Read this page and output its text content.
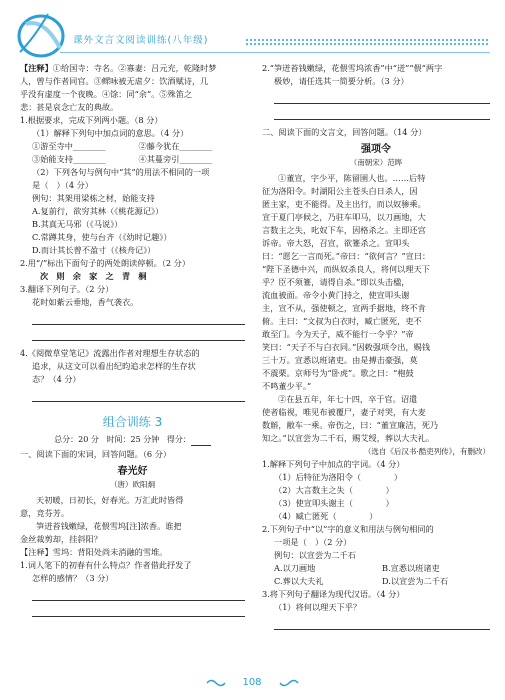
课外文言文阅读训练(八年级)
【注释】①给国寺：寺名。②寡妻：吕元充，乾隆时梦
人，曾与作者同官。③鳏咏被无虐夕：饮酒赋诗，几
乎没有虚度一个夜晚。④馀：同“余”。⑤殊笛之
悲：甚是哀念亡友的典故。
1.根据要求，完成下列两小题。（8 分）
（1）解释下列句中加点词的意思。（4 分）
①游至寺中________	②藤今犹在________
③始能支持________	④其蔓旁引________
（2）下列各句与例句中“其”的用法不相同的一项
是（　）（4 分）
例句：其架用梁栋之材，始能支持
A.复前行，欲穷其林（《桃花源记》）
B.其真无马邪（《马说》）
C.常蹲其身，使与台齐（《幼时记趣》）
D.而计其长曾不盈寸（《核舟记》）
2.用“/”标出下面句子的两处朗读停顿。（2 分）
次　则　余　家　之　青　桐
3.翻译下列句子。（2 分）
花时如紫云垂地，香气袭衣。
4.《阅微草堂笔记》流露出作者对理想生存状态的
追求，从这文可以看出纪昀追求怎样的生存状
态？（4 分）
组合训练 3
总分：20 分 时间：25 分钟 得分：
一、阅读下面的宋词，回答问题。（6 分）
春光好
（唐）欧阳炯
天初暖，日初长，好春光。万汇此时皆得
意，竞芬芳。
笋迸苔钱嫩绿，花偎雪坞[注]浓香。谁把
金丝裁剪却，挂斜阳？
【注释】雪坞：背阳处尚未消融的雪堆。
1.词人笔下的初春有什么特点？作者借此抒发了
怎样的感情？（3 分）
2.“笋迸苔钱嫩绿，花偎雪坞浓香”中“迸”“偎”两字
极妙，请任选其一简要分析。（3 分）
二、阅读下面的文言文，回答问题。（14 分）
强项令
（南朝宋）范晔
①董宣，字少平，陈留圉人也。……后特
征为洛阳令。时湖阳公主苍头白日杀人，因
匿主家，吏不能得。及主出行，而以奴骖乘。
宣于夏门亭候之，乃驻车叩马，以刀画地，大
言数主之失，叱奴下车，因格杀之。主即还宫
诉帝。帝大怒，召宣，欲箠杀之。宣叩头
曰：“愿乞一言而死。”帝曰：“欲何言？”宣曰：
“陛下圣德中兴，而纵奴杀良人，将何以理天下
乎？臣不须箠，请得自杀。”即以头击楹，
流血被面。帝令小黄门持之，使宣叩头谢
主，宣不从，强使顿之，宣两手据地，终不肯
俯。主曰：“文叔为白衣时，臧亡匿死，吏不
敢至门。今为天子，威不能行一令乎？”帝
笑曰：“天子不与白衣同。”因敕强项令出，赐钱
三十万。宣悉以班诸吏。由是搏击豪强，莫
不震栗。京师号为“卧虎”。歌之曰：“枹鼓
不鸣董少平。”
②在县五年，年七十四，卒于官。诏遣
使者临视，唯见布被覆尸，妻子对哭，有大麦
数斛，敝车一乘。帝伤之，曰：“董宣廉洁，死乃
知之。”以宣尝为二千石，赐艾绶，葬以大夫礼。
（选自《后汉书·酷吏列传》，有删改）
1.解释下列句子中加点的字词。（4 分）
（1）后特征为洛阳令（　　　　）
（2）大言数主之失（　　　　）
（3）使宣叩头谢主（　　　　）
（4）臧亡匿死（　　　　）
2.下列句子中“以”字的意义和用法与例句相同的
一项是（　）（2 分）
例句：以宣尝为二千石
A.以刀画地	B.宣悉以班诸吏
C.葬以大夫礼	D.以宣尝为二千石
3.将下列句子翻译为现代汉语。（4 分）
（1）将何以理天下乎？
108
